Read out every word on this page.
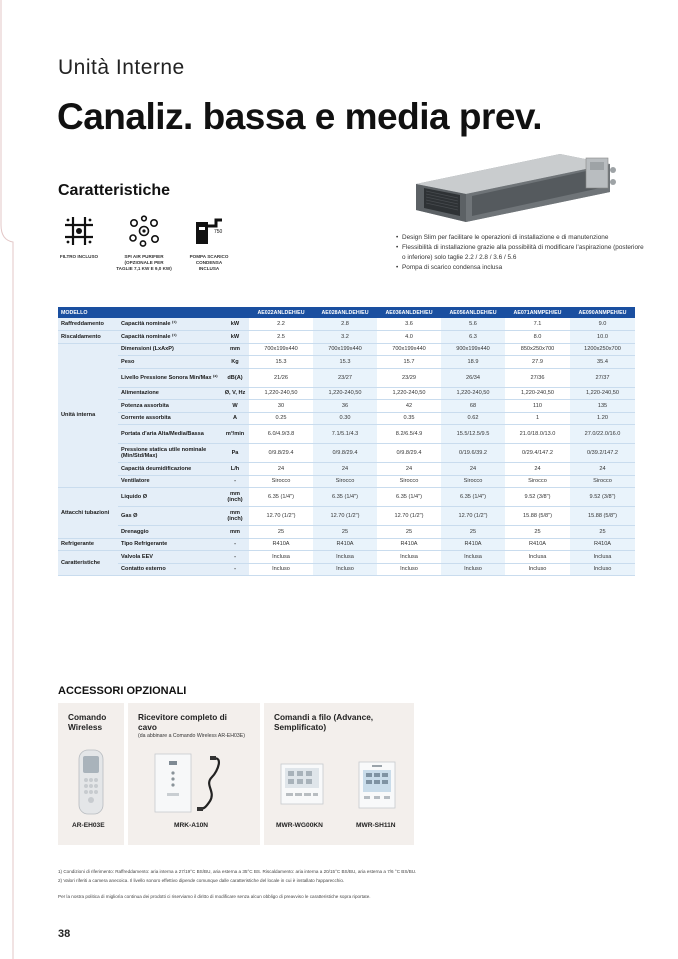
Unità Interne
Canaliz. bassa e media prev.
Caratteristiche
FILTRO INCLUSO	SPI AIR PURIFIER (OPZIONALE PER TAGLIE 7,1 KW E 9,0 KW)
750
POMPA SCARICO CONDENSA INCLUSA
• Design Slim per facilitare le operazioni di installazione e di manutenzione
• Flessibilità di installazione grazie alla possibilità di modificare l'aspirazione (posteriore o inferiore) solo taglie 2.2 / 2.8 / 3.6 / 5.6
• Pompa di scarico condensa inclusa
MODELLO			AE022ANLDEH/EU	AE028ANLDEH/EU	AE036ANLDEH/EU	AE056ANLDEH/EU	AE071ANMPEH/EU	AE090ANMPEH/EU
Raffreddamento	Capacità nominale ⁽¹⁾	kW	2.2	2.8	3.6	5.6	7.1	9.0
Riscaldamento	Capacità nominale ⁽¹⁾	kW	2.5	3.2	4.0	6.3	8.0	10.0
Unità interna	Dimensioni (LxAxP)	mm	700x199x440	700x199x440	700x199x440	900x199x440	850x250x700	1200x250x700
	Peso	Kg	15.3	15.3	15.7	18.9	27.9	35.4
	Livello Pressione Sonora Min/Max ⁽²⁾	dB(A)	21/26	23/27	23/29	26/34	27/36	27/37
	Alimentazione	Ø, V, Hz	1,220-240,50	1,220-240,50	1,220-240,50	1,220-240,50	1,220-240,50	1,220-240,50
	Potenza assorbita	W	30	36	42	68	110	135
	Corrente assorbita	A	0.25	0.30	0.35	0.62	1	1.20
	Portata d'aria Alta/Media/Bassa	m³/min	6.0/4.9/3.8	7.1/5.1/4.3	8.2/6.5/4.9	15.5/12.5/9.5	21.0/18.0/13.0	27.0/22.0/16.0
	Pressione statica utile nominale (Min/Std/Max)	Pa	0/9.8/29.4	0/9.8/29.4	0/9.8/29.4	0/19.6/39.2	0/29.4/147.2	0/39.2/147.2
	Capacità deumidificazione	L/h	24	24	24	24	24	24
	Ventilatore	-	Sirocco	Sirocco	Sirocco	Sirocco	Sirocco	Sirocco
Attacchi tubazioni	Liquido Ø	mm (inch)	6.35 (1/4")	6.35 (1/4")	6.35 (1/4")	6.35 (1/4")	9.52 (3/8")	9.52 (3/8")
	Gas Ø	mm (inch)	12.70 (1/2")	12.70 (1/2")	12.70 (1/2")	12.70 (1/2")	15.88 (5/8")	15.88 (5/8")
	Drenaggio	mm	25	25	25	25	25	25
Refrigerante	Tipo Refrigerante	-	R410A	R410A	R410A	R410A	R410A	R410A
Caratteristiche	Valvola EEV	-	Inclusa	Inclusa	Inclusa	Inclusa	Inclusa	Inclusa
	Contatto esterno	-	Incluso	Incluso	Incluso	Incluso	Incluso	Incluso
ACCESSORI OPZIONALI
Comando Wireless
AR-EH03E
Ricevitore completo di cavo
(da abbinare a Comando Wireless AR-EH03E)
MRK-A10N
Comandi a filo (Advance, Semplificato)
MWR-WG00KN	MWR-SH11N
1) Condizioni di riferimento: Raffreddamento: aria interna a 27/19°C BS/BU, aria esterna a 35°C BS. Riscaldamento: aria interna a 20/15°C BS/BU, aria esterna a 7/6 °C BS/BU.
2) Valori riferiti a camera anecoica. Il livello sonoro effettivo dipende comunque dalle caratteristiche del locale in cui è installato l'apparecchio.
Per la nostra politica di migliorìa continua dei prodotti ci riserviamo il diritto di modificare senza alcun obbligo di preavviso le caratteristiche sopra riportate.
38
